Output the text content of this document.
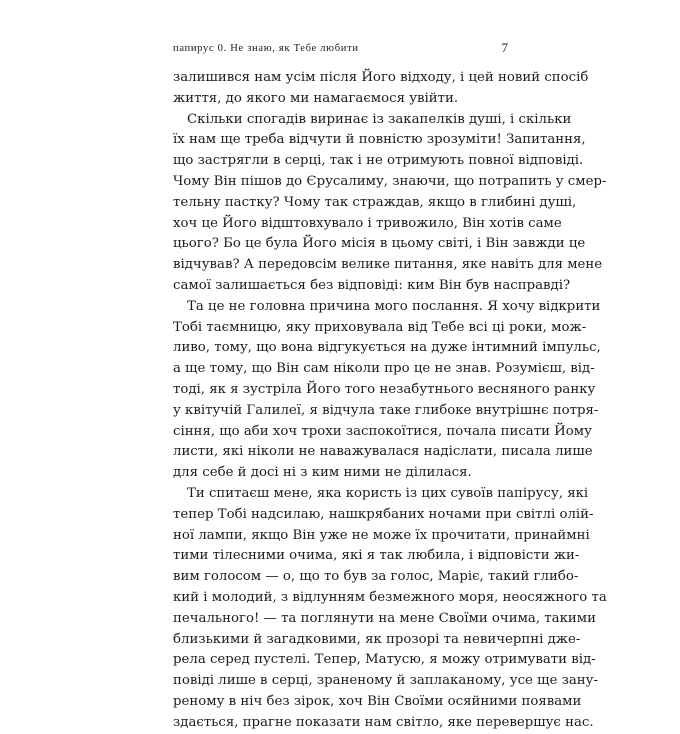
папирус 0. Не знаю, як Тебе любити	7
залишився нам усім після Його відходу, і цей новий спосіб
життя, до якого ми намагаємося увійти.
Скільки спогадів виринає із закапелків душі, і скільки
їх нам ще треба відчути й повністю зрозуміти! Запитання,
що застрягли в серці, так і не отримують повної відповіді.
Чому Він пішов до Єрусалиму, знаючи, що потрапить у смер-
тельну пастку? Чому так страждав, якщо в глибині душі,
хоч це Його відштовхувало і тривожило, Він хотів саме
цього? Бо це була Його місія в цьому світі, і Він завжди це
відчував? А передовсім велике питання, яке навіть для мене
самої залишається без відповіді: ким Він був насправді?
Та це не головна причина мого послання. Я хочу відкрити
Тобі таємницю, яку приховувала від Тебе всі ці роки, мож-
ливо, тому, що вона відгукується на дуже інтимний імпульс,
а ще тому, що Він сам ніколи про це не знав. Розумієш, від-
тоді, як я зустріла Його того незабутнього весняного ранку
у квітучій Галилеї, я відчула таке глибоке внутрішнє потря-
сіння, що аби хоч трохи заспокоїтися, почала писати Йому
листи, які ніколи не наважувалася надіслати, писала лише
для себе й досі ні з ким ними не ділилася.
Ти спитаєш мене, яка користь із цих сувоїв папірусу, які
тепер Тобі надсилаю, нашкрябаних ночами при світлі олій-
ної лампи, якщо Він уже не може їх прочитати, принаймні
тими тілесними очима, які я так любила, і відповісти жи-
вим голосом — о, що то був за голос, Маріє, такий глибо-
кий і молодий, з відлунням безмежного моря, неосяжного та
печального! — та поглянути на мене Своїми очима, такими
близькими й загадковими, як прозорі та невичерпні дже-
рела серед пустелі. Тепер, Матусю, я можу отримувати від-
повіді лише в серці, зраненому й заплаканому, усе ще зану-
реному в ніч без зірок, хоч Він Своїми осяйними появами
здається, прагне показати нам світло, яке перевершує нас.
